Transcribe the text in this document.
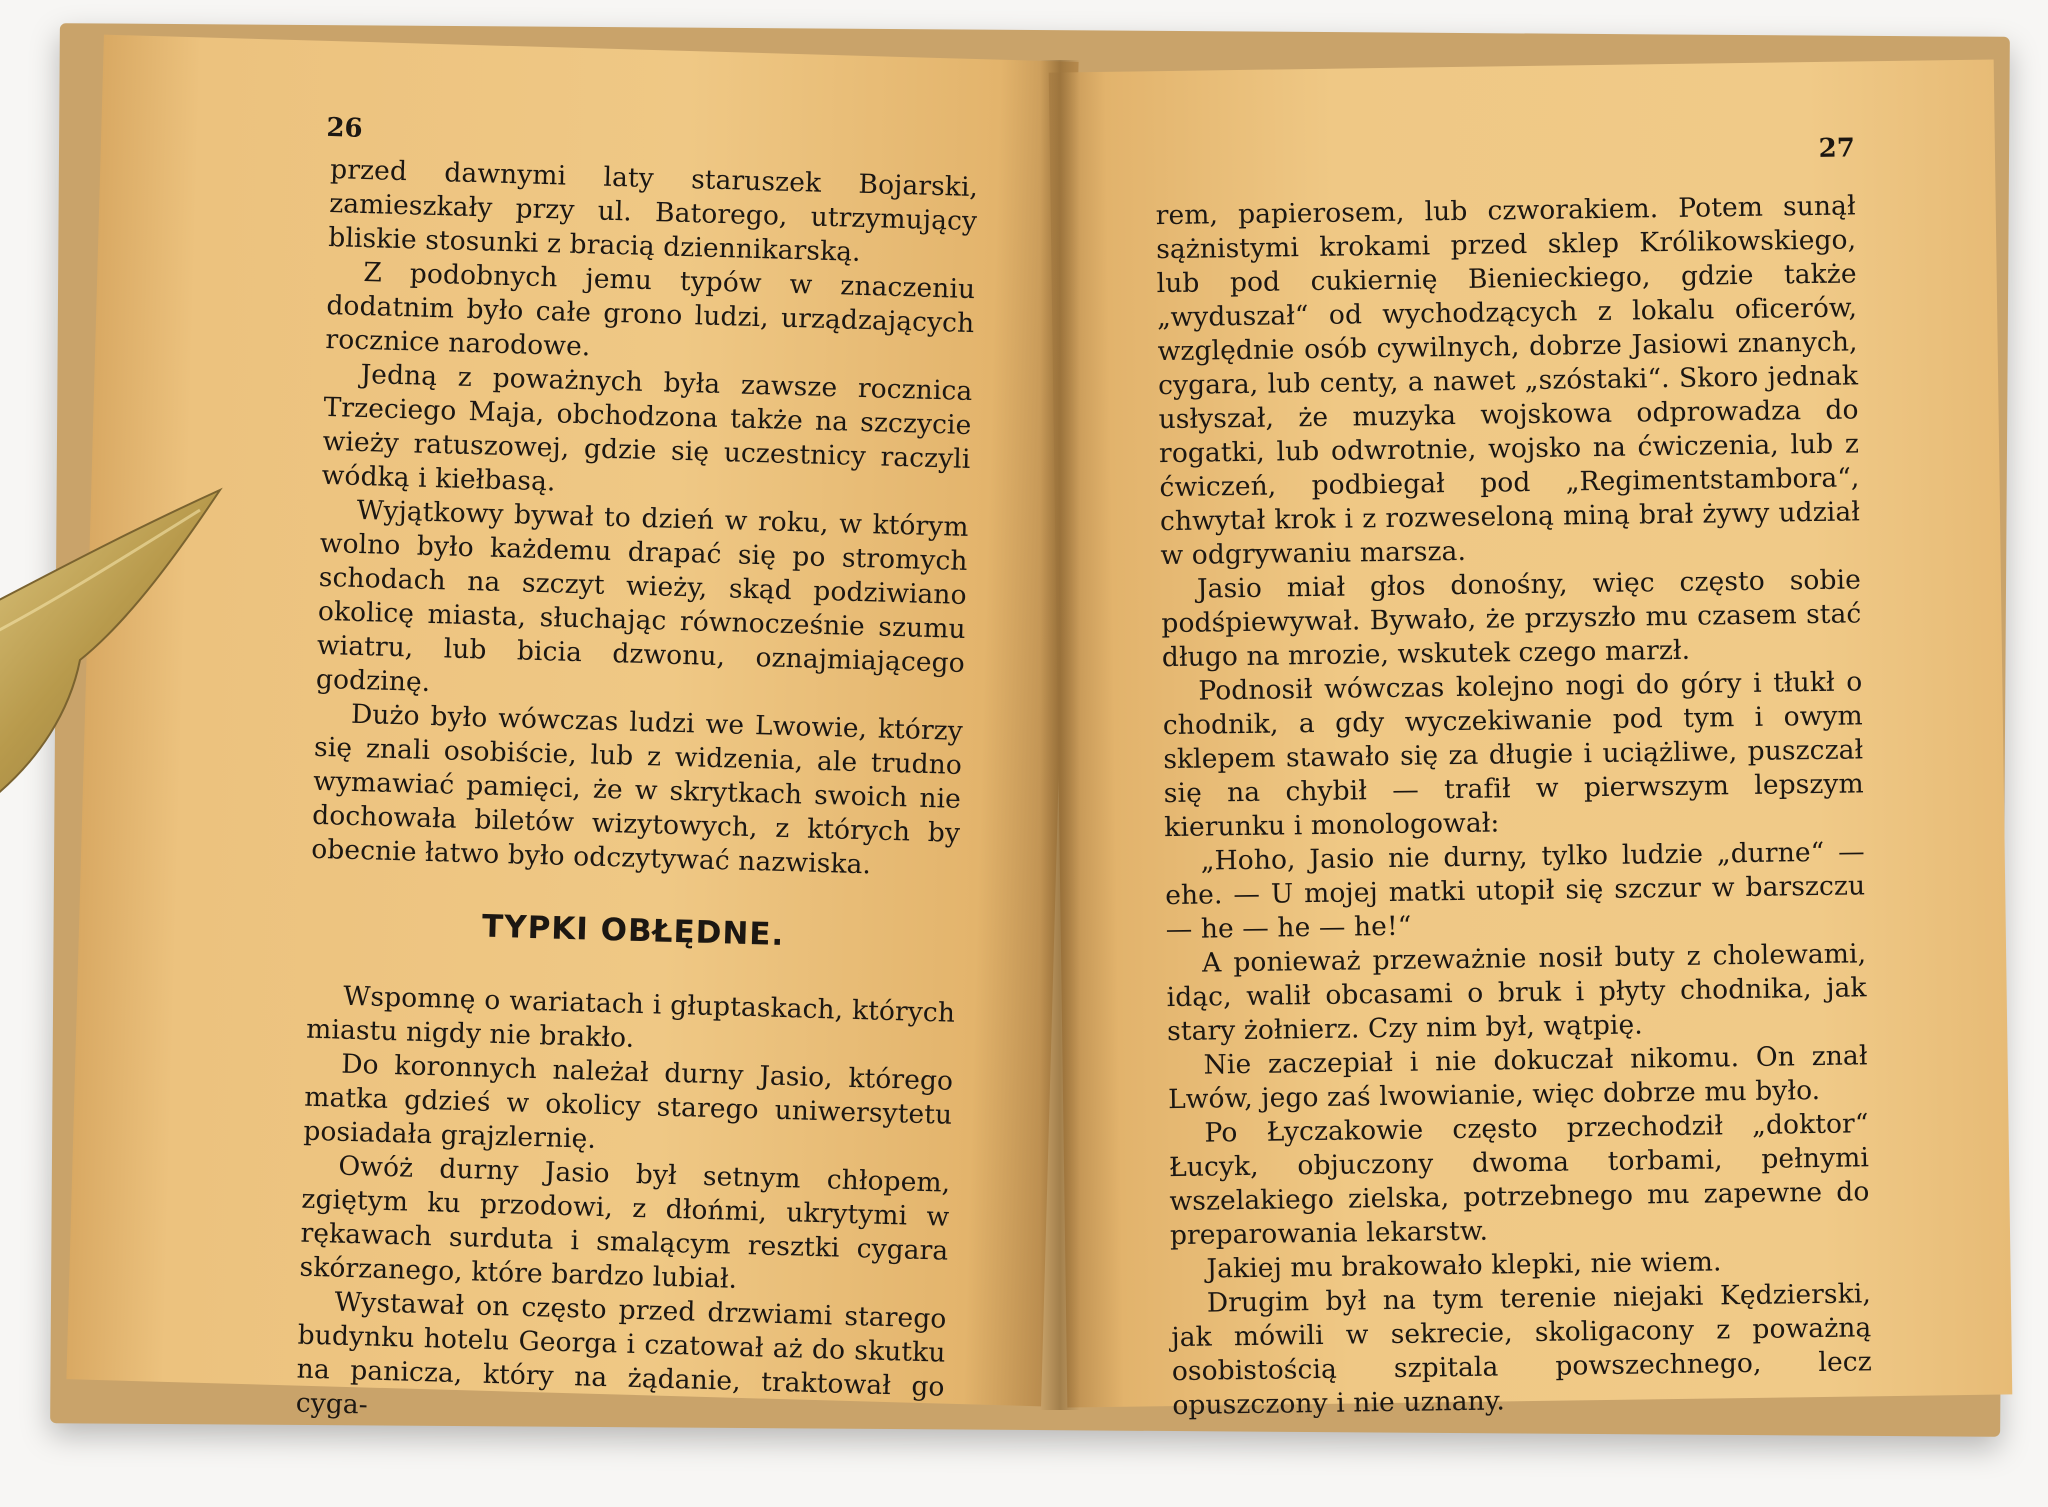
26

przed dawnymi laty staruszek Bojarski, zamieszkały przy ul. Batorego, utrzymujący bliskie stosunki z bracią dziennikarską.

Z podobnych jemu typów w znaczeniu dodatnim było całe grono ludzi, urządzających rocznice narodowe.

Jedną z poważnych była zawsze rocznica Trzeciego Maja, obchodzona także na szczycie wieży ratuszowej, gdzie się uczestnicy raczyli wódką i kiełbasą.

Wyjątkowy bywał to dzień w roku, w którym wolno było każdemu drapać się po stromych schodach na szczyt wieży, skąd podziwiano okolicę miasta, słuchając równocześnie szumu wiatru, lub bicia dzwonu, oznajmiającego godzinę.

Dużo było wówczas ludzi we Lwowie, którzy się znali osobiście, lub z widzenia, ale trudno wymawiać pamięci, że w skrytkach swoich nie dochowała biletów wizytowych, z których by obecnie łatwo było odczytywać nazwiska.

TYPKI OBŁĘDNE.

Wspomnę o wariatach i głuptaskach, których miastu nigdy nie brakło.

Do koronnych należał durny Jasio, którego matka gdzieś w okolicy starego uniwersytetu posiadała grajzlernię.

Owóż durny Jasio był setnym chłopem, zgiętym ku przodowi, z dłońmi, ukrytymi w rękawach surduta i smalącym resztki cygara skórzanego, które bardzo lubiał.

Wystawał on często przed drzwiami starego budynku hotelu Georga i czatował aż do skutku na panicza, który na żądanie, traktował go cyga-

27

rem, papierosem, lub czworakiem. Potem sunął sążnistymi krokami przed sklep Królikowskiego, lub pod cukiernię Bienieckiego, gdzie także „wyduszał“ od wychodzących z lokalu oficerów, względnie osób cywilnych, dobrze Jasiowi znanych, cygara, lub centy, a nawet „szóstaki“. Skoro jednak usłyszał, że muzyka wojskowa odprowadza do rogatki, lub odwrotnie, wojsko na ćwiczenia, lub z ćwiczeń, podbiegał pod „Regimentstambora“, chwytał krok i z rozweseloną miną brał żywy udział w odgrywaniu marsza.

Jasio miał głos donośny, więc często sobie podśpiewywał. Bywało, że przyszło mu czasem stać długo na mrozie, wskutek czego marzł.

Podnosił wówczas kolejno nogi do góry i tłukł o chodnik, a gdy wyczekiwanie pod tym i owym sklepem stawało się za długie i uciążliwe, puszczał się na chybił — trafił w pierwszym lepszym kierunku i monologował:

„Hoho, Jasio nie durny, tylko ludzie „durne“ — ehe. — U mojej matki utopił się szczur w barszczu — he — he — he!“

A ponieważ przeważnie nosił buty z cholewami, idąc, walił obcasami o bruk i płyty chodnika, jak stary żołnierz. Czy nim był, wątpię.

Nie zaczepiał i nie dokuczał nikomu. On znał Lwów, jego zaś lwowianie, więc dobrze mu było.

Po Łyczakowie często przechodził „doktor“ Łucyk, objuczony dwoma torbami, pełnymi wszelakiego zielska, potrzebnego mu zapewne do preparowania lekarstw.

Jakiej mu brakowało klepki, nie wiem.

Drugim był na tym terenie niejaki Kędzierski, jak mówili w sekrecie, skoligacony z poważną osobistością szpitala powszechnego, lecz opuszczony i nie uznany.
